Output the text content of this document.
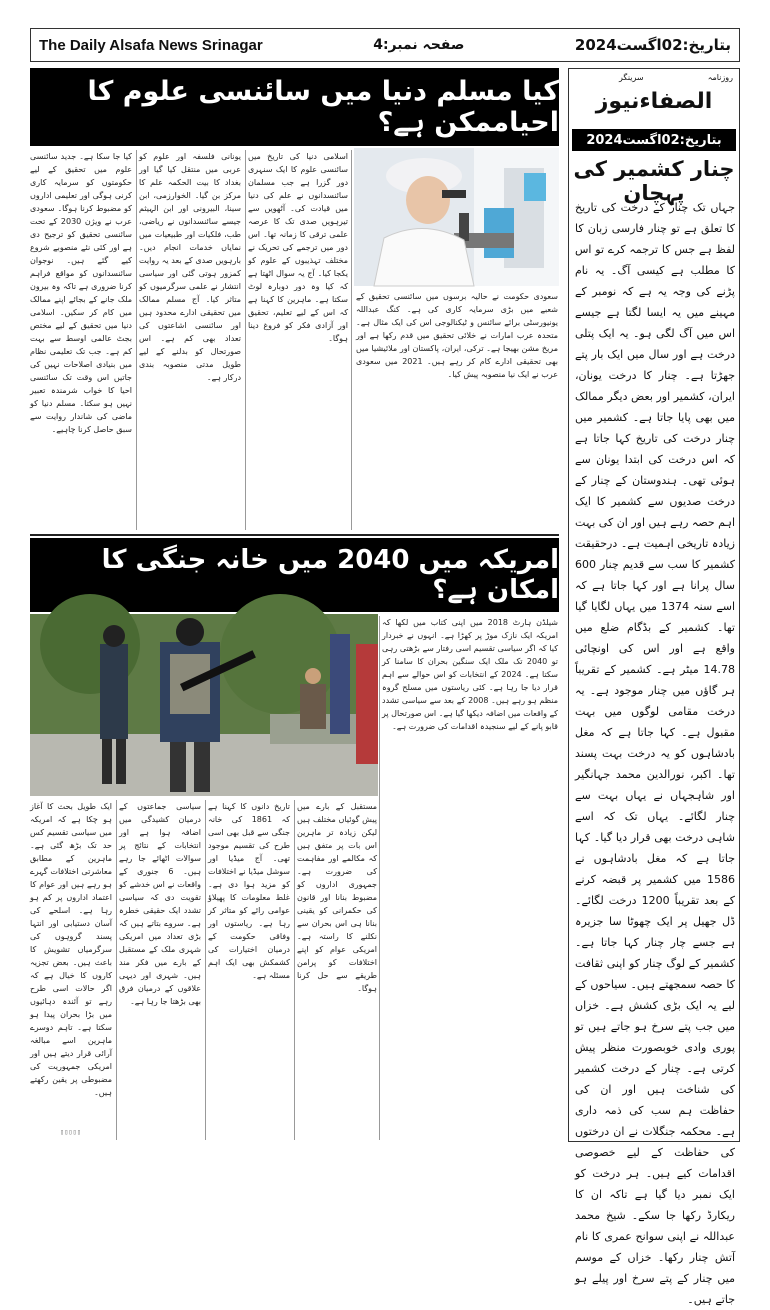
The Daily Alsafa News Srinagar	صفحہ نمبر:4	بتاریخ:02اگست2024
کیا مسلم دنیا میں سائنسی علوم کا احیاممکن ہے؟
کیا جا سکا ہے۔ جدید سائنسی علوم میں تحقیق کے لیے حکومتوں کو سرمایہ کاری کرنی ہوگی اور تعلیمی اداروں کو مضبوط کرنا ہوگا۔ سعودی عرب نے ویژن 2030 کے تحت سائنسی تحقیق کو ترجیح دی ہے اور کئی نئے منصوبے شروع کیے گئے ہیں۔ نوجوان سائنسدانوں کو مواقع فراہم کرنا ضروری ہے تاکہ وہ بیرون ملک جانے کے بجائے اپنے ممالک میں کام کر سکیں۔ اسلامی دنیا میں تحقیق کے لیے مختص بجٹ عالمی اوسط سے بہت کم ہے۔ جب تک تعلیمی نظام میں بنیادی اصلاحات نہیں کی جاتیں اس وقت تک سائنسی احیا کا خواب شرمندہ تعبیر نہیں ہو سکتا۔ مسلم دنیا کو ماضی کی شاندار روایت سے سبق حاصل کرنا چاہیے۔
یونانی فلسفہ اور علوم کو عربی میں منتقل کیا گیا اور بغداد کا بیت الحکمہ علم کا مرکز بن گیا۔ الخوارزمی، ابن سینا، البیرونی اور ابن الہیثم جیسے سائنسدانوں نے ریاضی، طب، فلکیات اور طبیعیات میں نمایاں خدمات انجام دیں۔ بارہویں صدی کے بعد یہ روایت کمزور ہوتی گئی اور سیاسی انتشار نے علمی سرگرمیوں کو متاثر کیا۔ آج مسلم ممالک میں تحقیقی ادارے محدود ہیں اور سائنسی اشاعتوں کی تعداد بھی کم ہے۔ اس صورتحال کو بدلنے کے لیے طویل مدتی منصوبہ بندی درکار ہے۔
اسلامی دنیا کی تاریخ میں سائنسی علوم کا ایک سنہری دور گزرا ہے جب مسلمان سائنسدانوں نے علم کی دنیا میں قیادت کی۔ آٹھویں سے تیرہویں صدی تک کا عرصہ علمی ترقی کا زمانہ تھا۔ اس دور میں ترجمے کی تحریک نے مختلف تہذیبوں کے علوم کو یکجا کیا۔ آج یہ سوال اٹھتا ہے کہ کیا وہ دور دوبارہ لوٹ سکتا ہے۔ ماہرین کا کہنا ہے کہ اس کے لیے تعلیم، تحقیق اور آزادی فکر کو فروغ دینا ہوگا۔
سعودی حکومت نے حالیہ برسوں میں سائنسی تحقیق کے شعبے میں بڑی سرمایہ کاری کی ہے۔ کنگ عبداللہ یونیورسٹی برائے سائنس و ٹیکنالوجی اس کی ایک مثال ہے۔ متحدہ عرب امارات نے خلائی تحقیق میں قدم رکھا ہے اور مریخ مشن بھیجا ہے۔ ترکی، ایران، پاکستان اور ملائیشیا میں بھی تحقیقی ادارے کام کر رہے ہیں۔ 2021 میں سعودی عرب نے ایک نیا منصوبہ پیش کیا۔
امریکہ میں 2040 میں خانہ جنگی کا امکان ہے؟
شیلڈن ہارٹ 2018 میں اپنی کتاب میں لکھا کہ امریکہ ایک نازک موڑ پر کھڑا ہے۔ انہوں نے خبردار کیا کہ اگر سیاسی تقسیم اسی رفتار سے بڑھتی رہی تو 2040 تک ملک ایک سنگین بحران کا سامنا کر سکتا ہے۔ 2024 کے انتخابات کو اس حوالے سے اہم قرار دیا جا رہا ہے۔ کئی ریاستوں میں مسلح گروہ منظم ہو رہے ہیں۔ 2008 کے بعد سے سیاسی تشدد کے واقعات میں اضافہ دیکھا گیا ہے۔ اس صورتحال پر قابو پانے کے لیے سنجیدہ اقدامات کی ضرورت ہے۔
ایک طویل بحث کا آغاز ہو چکا ہے کہ امریکہ میں سیاسی تقسیم کس حد تک بڑھ گئی ہے۔ ماہرین کے مطابق معاشرتی اختلافات گہرے ہو رہے ہیں اور عوام کا اعتماد اداروں پر کم ہو رہا ہے۔ اسلحے کی آسان دستیابی اور انتہا پسند گروہوں کی سرگرمیاں تشویش کا باعث ہیں۔ بعض تجزیہ کاروں کا خیال ہے کہ اگر حالات اسی طرح رہے تو آئندہ دہائیوں میں بڑا بحران پیدا ہو سکتا ہے۔ تاہم دوسرے ماہرین اسے مبالغہ آرائی قرار دیتے ہیں اور امریکی جمہوریت کی مضبوطی پر یقین رکھتے ہیں۔
سیاسی جماعتوں کے درمیان کشیدگی میں اضافہ ہوا ہے اور انتخابات کے نتائج پر سوالات اٹھائے جا رہے ہیں۔ 6 جنوری کے واقعات نے اس خدشے کو تقویت دی کہ سیاسی تشدد ایک حقیقی خطرہ ہے۔ سروے بتاتے ہیں کہ بڑی تعداد میں امریکی شہری ملک کے مستقبل کے بارے میں فکر مند ہیں۔ شہری اور دیہی علاقوں کے درمیان فرق بھی بڑھتا جا رہا ہے۔
تاریخ دانوں کا کہنا ہے کہ 1861 کی خانہ جنگی سے قبل بھی اسی طرح کی تقسیم موجود تھی۔ آج میڈیا اور سوشل میڈیا نے اختلافات کو مزید ہوا دی ہے۔ غلط معلومات کا پھیلاؤ عوامی رائے کو متاثر کر رہا ہے۔ ریاستوں اور وفاقی حکومت کے درمیان اختیارات کی کشمکش بھی ایک اہم مسئلہ ہے۔
مستقبل کے بارے میں پیش گوئیاں مختلف ہیں لیکن زیادہ تر ماہرین اس بات پر متفق ہیں کہ مکالمے اور مفاہمت کی ضرورت ہے۔ جمہوری اداروں کو مضبوط بنانا اور قانون کی حکمرانی کو یقینی بنانا ہی اس بحران سے نکلنے کا راستہ ہے۔ امریکی عوام کو اپنے اختلافات کو پرامن طریقے سے حل کرنا ہوگا۔
روزنامہ
سرینگر
الصفاءنیوز
بتاریخ:02اگست2024
چنار کشمیر کی پہچان
جہاں تک چنار کے درخت کی تاریخ کا تعلق ہے تو چنار فارسی زبان کا لفظ ہے جس کا ترجمہ کرے تو اس کا مطلب ہے کیسی آگ۔ یہ نام پڑنے کی وجہ یہ ہے کہ نومبر کے مہینے میں یہ ایسا لگتا ہے جیسے اس میں آگ لگی ہو۔ یہ ایک پتلی درخت ہے اور سال میں ایک بار پتے جھڑتا ہے۔ چنار کا درخت یونان، ایران، کشمیر اور بعض دیگر ممالک میں بھی پایا جاتا ہے۔ کشمیر میں چنار درخت کی تاریخ کہا جاتا ہے کہ اس درخت کی ابتدا یونان سے ہوئی تھی۔ ہندوستان کے چنار کے درخت صدیوں سے کشمیر کا ایک اہم حصہ رہے ہیں اور ان کی بہت زیادہ تاریخی اہمیت ہے۔ درحقیقت کشمیر کا سب سے قدیم چنار 600 سال پرانا ہے اور کہا جاتا ہے کہ اسے سنہ 1374 میں یہاں لگایا گیا تھا۔ کشمیر کے بڈگام ضلع میں واقع ہے اور اس کی اونچائی 14.78 میٹر ہے۔ کشمیر کے تقریباً ہر گاؤں میں چنار موجود ہے۔ یہ درخت مقامی لوگوں میں بہت مقبول ہے۔ کہا جاتا ہے کہ مغل بادشاہوں کو یہ درخت بہت پسند تھا۔ اکبر، نورالدین محمد جہانگیر اور شاہجہاں نے یہاں بہت سے چنار لگائے۔ یہاں تک کہ اسے شاہی درخت بھی قرار دیا گیا۔ کہا جاتا ہے کہ مغل بادشاہوں نے 1586 میں کشمیر پر قبضہ کرنے کے بعد تقریباً 1200 درخت لگائے۔ ڈل جھیل پر ایک چھوٹا سا جزیرہ ہے جسے چار چنار کہا جاتا ہے۔ کشمیر کے لوگ چنار کو اپنی ثقافت کا حصہ سمجھتے ہیں۔ سیاحوں کے لیے یہ ایک بڑی کشش ہے۔ خزاں میں جب پتے سرخ ہو جاتے ہیں تو پوری وادی خوبصورت منظر پیش کرتی ہے۔ چنار کے درخت کشمیر کی شناخت ہیں اور ان کی حفاظت ہم سب کی ذمہ داری ہے۔ محکمہ جنگلات نے ان درختوں کی حفاظت کے لیے خصوصی اقدامات کیے ہیں۔ ہر درخت کو ایک نمبر دیا گیا ہے تاکہ ان کا ریکارڈ رکھا جا سکے۔ شیخ محمد عبداللہ نے اپنی سوانح عمری کا نام آتش چنار رکھا۔ خزاں کے موسم میں چنار کے پتے سرخ اور پیلے ہو جاتے ہیں۔
▯▯▯▯▯
